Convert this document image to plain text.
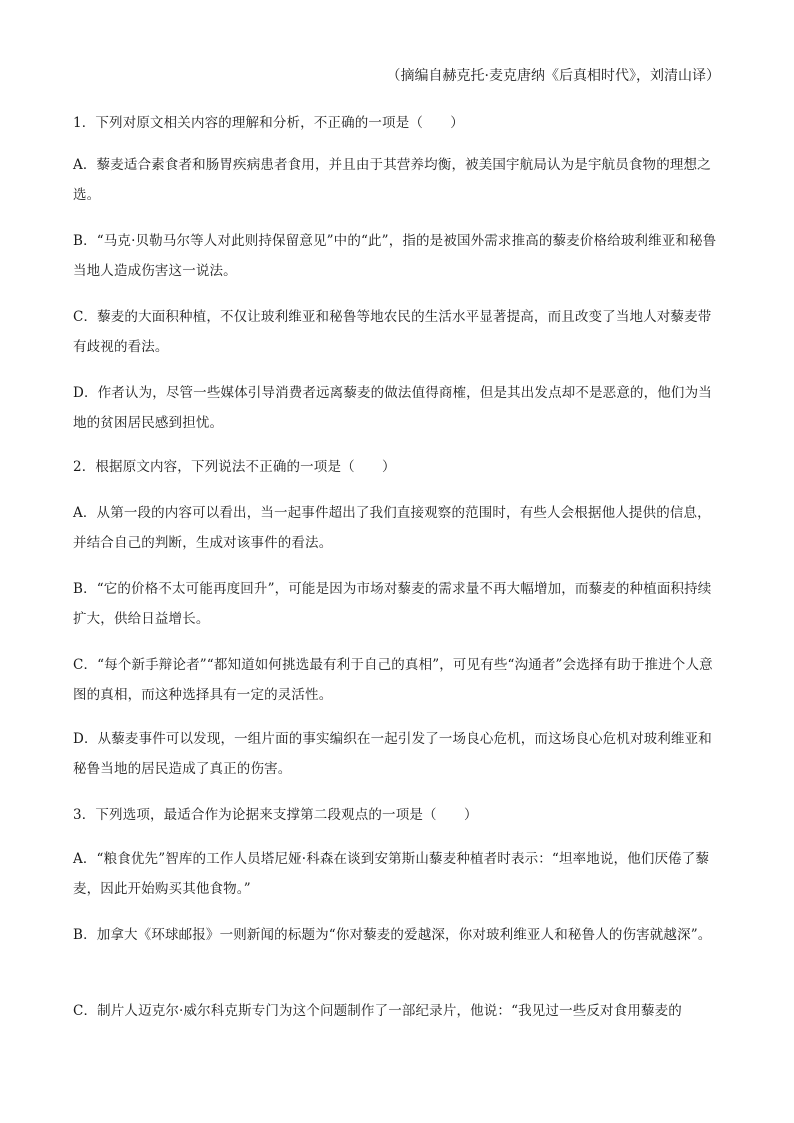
（摘编自赫克托·麦克唐纳《后真相时代》，刘清山译）
1．下列对原文相关内容的理解和分析，不正确的一项是（　　）
A．藜麦适合素食者和肠胃疾病患者食用，并且由于其营养均衡，被美国宇航局认为是宇航员食物的理想之选。
B．“马克·贝勒马尔等人对此则持保留意见”中的“此”，指的是被国外需求推高的藜麦价格给玻利维亚和秘鲁当地人造成伤害这一说法。
C．藜麦的大面积种植，不仅让玻利维亚和秘鲁等地农民的生活水平显著提高，而且改变了当地人对藜麦带有歧视的看法。
D．作者认为，尽管一些媒体引导消费者远离藜麦的做法值得商榷，但是其出发点却不是恶意的，他们为当地的贫困居民感到担忧。
2．根据原文内容，下列说法不正确的一项是（　　）
A．从第一段的内容可以看出，当一起事件超出了我们直接观察的范围时，有些人会根据他人提供的信息，并结合自己的判断，生成对该事件的看法。
B．“它的价格不太可能再度回升”，可能是因为市场对藜麦的需求量不再大幅增加，而藜麦的种植面积持续扩大，供给日益增长。
C．“每个新手辩论者”“都知道如何挑选最有利于自己的真相”，可见有些“沟通者”会选择有助于推进个人意图的真相，而这种选择具有一定的灵活性。
D．从藜麦事件可以发现，一组片面的事实编织在一起引发了一场良心危机，而这场良心危机对玻利维亚和秘鲁当地的居民造成了真正的伤害。
3．下列选项，最适合作为论据来支撑第二段观点的一项是（　　）
A．“粮食优先”智库的工作人员塔尼娅·科森在谈到安第斯山藜麦种植者时表示：“坦率地说，他们厌倦了藜麦，因此开始购买其他食物。”
B．加拿大《环球邮报》一则新闻的标题为“你对藜麦的爱越深，你对玻利维亚人和秘鲁人的伤害就越深”。
C．制片人迈克尔·威尔科克斯专门为这个问题制作了一部纪录片，他说：“我见过一些反对食用藜麦的
